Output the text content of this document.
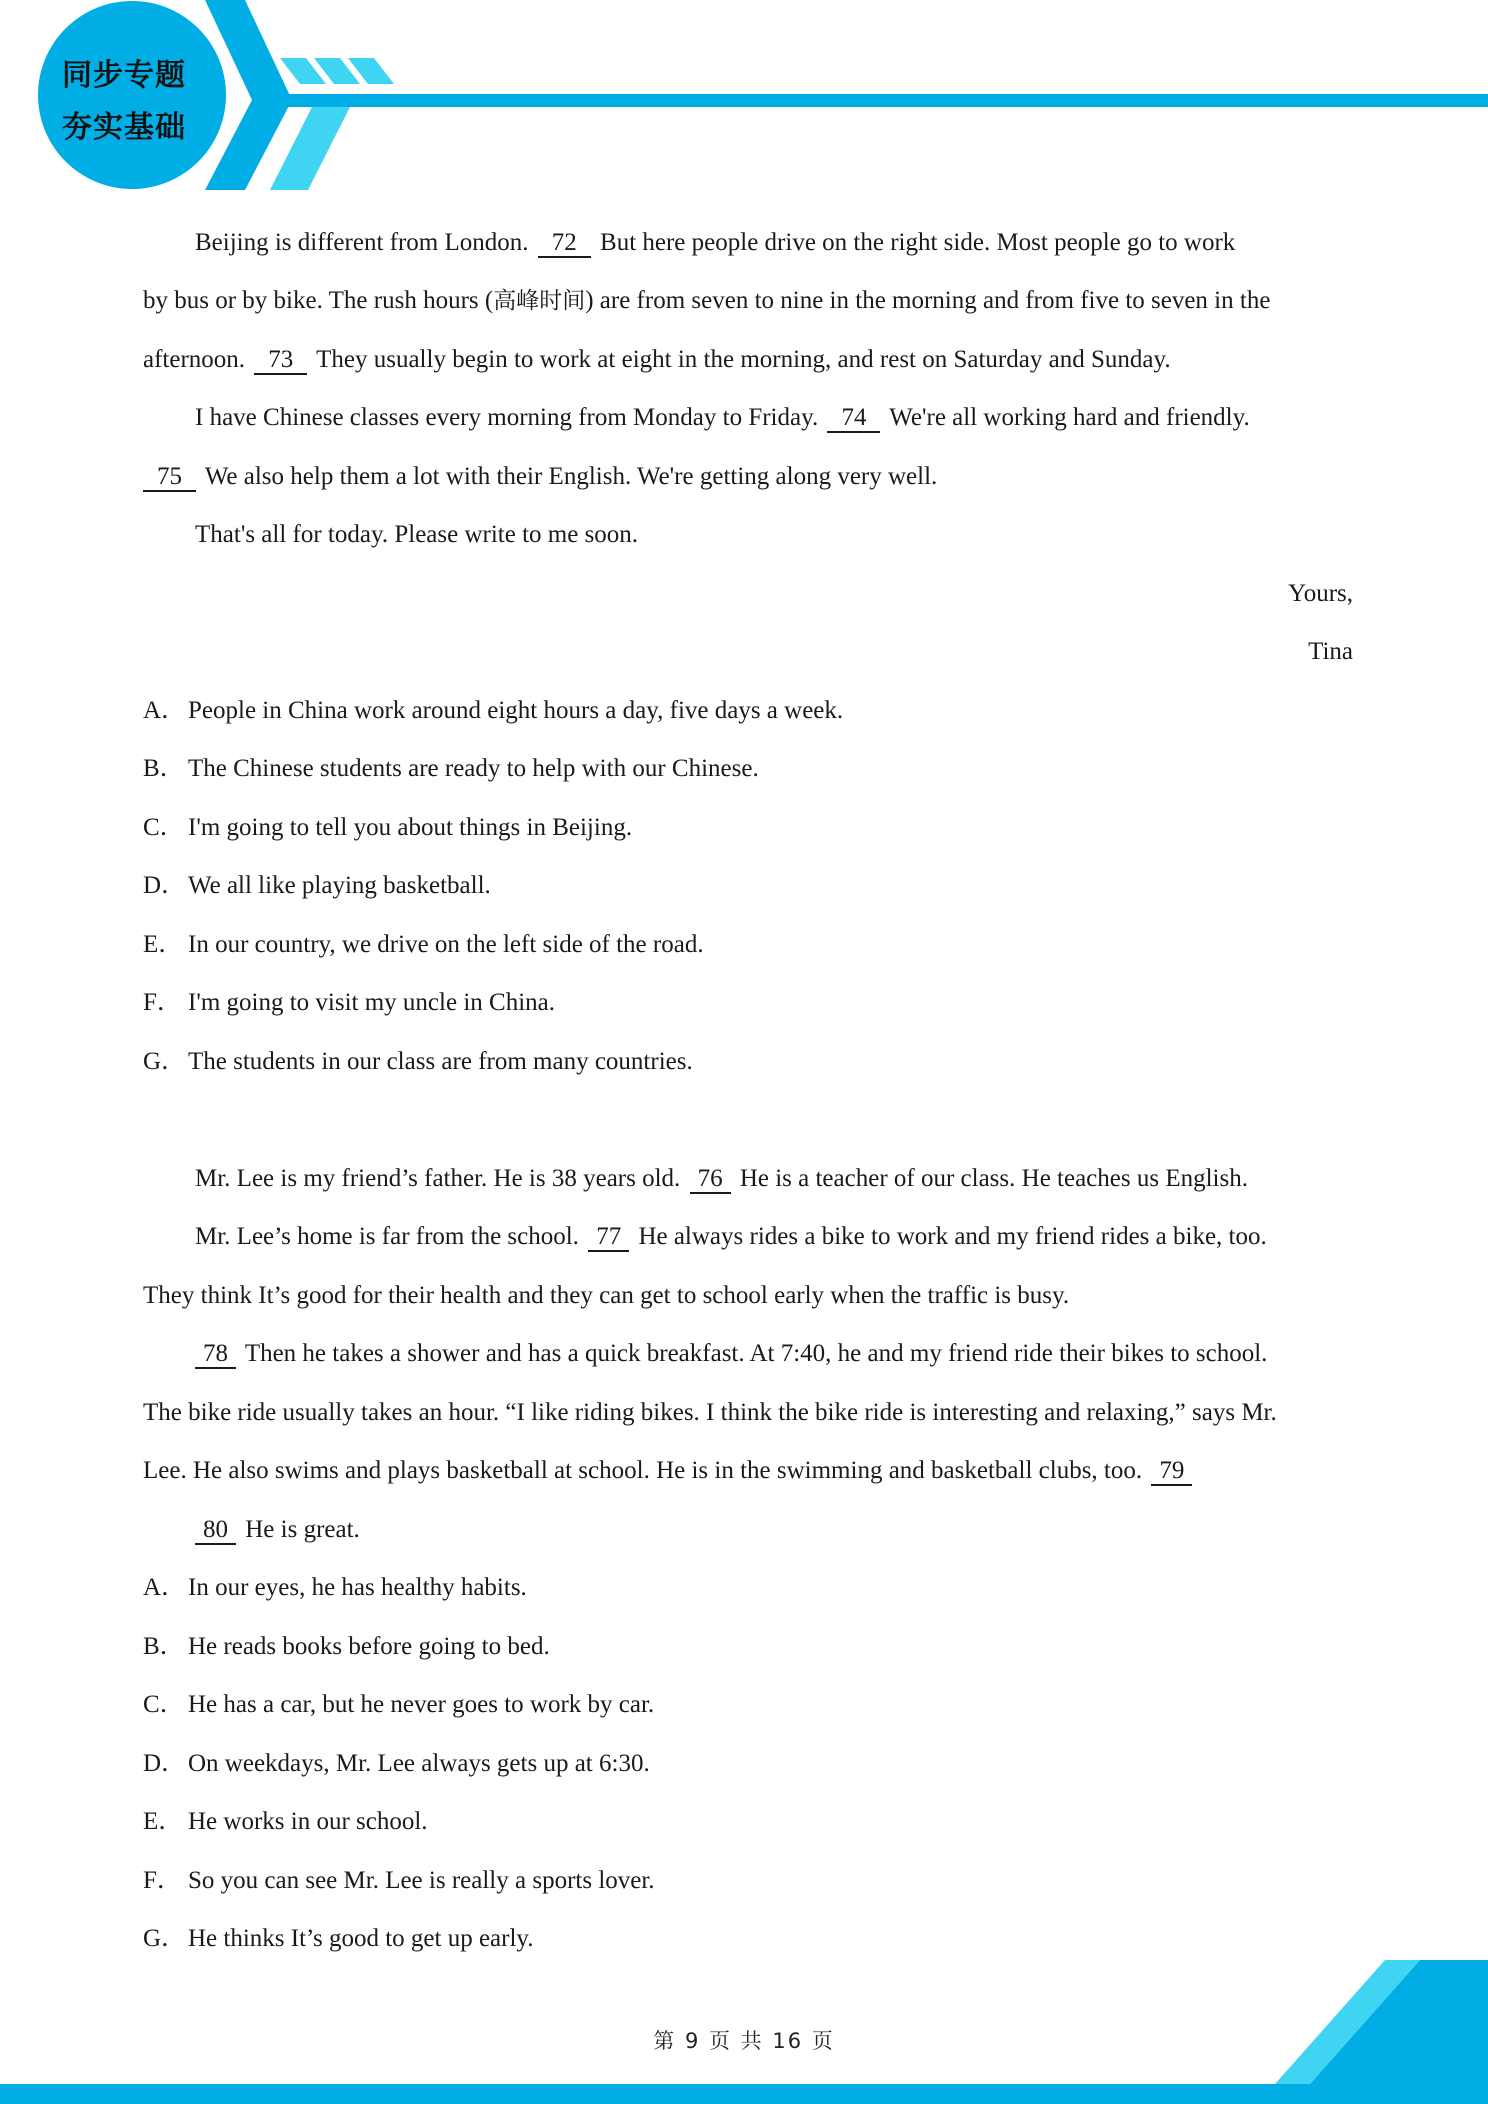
同步专题
夯实基础
Beijing is different from London. 72 But here people drive on the right side. Most people go to work
by bus or by bike. The rush hours (高峰时间) are from seven to nine in the morning and from five to seven in the
afternoon. 73 They usually begin to work at eight in the morning, and rest on Saturday and Sunday.
I have Chinese classes every morning from Monday to Friday. 74 We're all working hard and friendly.
75 We also help them a lot with their English. We're getting along very well.
That's all for today. Please write to me soon.
Yours,
Tina
A．People in China work around eight hours a day, five days a week.
B． The Chinese students are ready to help with our Chinese.
C． I'm going to tell you about things in Beijing.
D．We all like playing basketball.
E． In our country, we drive on the left side of the road.
F． I'm going to visit my uncle in China.
G．The students in our class are from many countries.
Mr. Lee is my friend’s father. He is 38 years old. 76 He is a teacher of our class. He teaches us English.
Mr. Lee’s home is far from the school. 77 He always rides a bike to work and my friend rides a bike, too.
They think It’s good for their health and they can get to school early when the traffic is busy.
78 Then he takes a shower and has a quick breakfast. At 7:40, he and my friend ride their bikes to school.
The bike ride usually takes an hour. “I like riding bikes. I think the bike ride is interesting and relaxing,” says Mr.
Lee. He also swims and plays basketball at school. He is in the swimming and basketball clubs, too. 79
80 He is great.
A．In our eyes, he has healthy habits.
B． He reads books before going to bed.
C． He has a car, but he never goes to work by car.
D．On weekdays, Mr. Lee always gets up at 6:30.
E． He works in our school.
F． So you can see Mr. Lee is really a sports lover.
G．He thinks It’s good to get up early.
第 9 页 共 16 页
